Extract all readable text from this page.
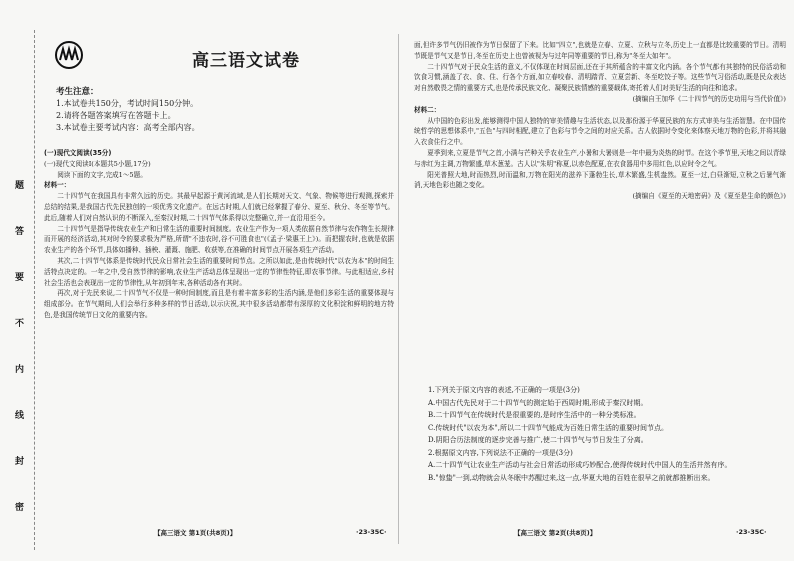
题
答
要
不
内
线
封
密
高三语文试卷
考生注意：
1.本试卷共150分，考试时间150分钟。
2.请将各题答案填写在答题卡上。
3.本试卷主要考试内容：高考全部内容。

(一)现代文阅读(35分)

(一)现代文阅读Ⅰ(本题共5小题,17分)

阅读下面的文字,完成1～5题。

材料一：

二十四节气在我国具有非常久远的历史。其最早起源于黄河流域,是人们长期对天文、气象、物候等进行观测,探索并总结的结果,是我国古代先民独创的一项优秀文化遗产。在远古时期,人们就已经掌握了春分、夏至、秋分、冬至等节气。此后,随着人们对自然认识的不断深入,至秦汉时期,二十四节气体系得以完整确立,并一直沿用至今。

二十四节气是指导传统农业生产和日常生活的重要时间制度。农业生产作为一项人类依据自然节律与农作物生长规律而开展的经济活动,其对时令的要求极为严格,所谓"不违农时,谷不可胜食也"(《孟子·梁惠王上》)。而把握农时,也就是依据农业生产的各个环节,具体如播种、插秧、灌溉、施肥、收获等,在准确的时间节点开展各项生产活动。

其次,二十四节气体系是传统时代民众日常社会生活的重要时间节点。之所以如此,是由传统时代"以农为本"的时间生活特点决定的。一年之中,受自然节律的影响,农业生产活动总体呈现出一定的节律性特征,即农事节律。与此相适应,乡村社会生活也会表现出一定的节律性,从年初到年末,各种活动各有其时。

再次,对于先民来说,二十四节气不仅是一种时间制度,而且是有着丰富多彩的生活内涵,是他们多彩生活的重要体现与组成部分。在节气期间,人们会举行多种多样的节日活动,以示庆祝,其中很多活动都带有深厚的文化积淀和鲜明的地方特色,是我国传统节日文化的重要内容。

【高三语文 第1页(共8页)】	·23-35C·

面,但许多节气仍旧被作为节日保留了下来。比如"四立",也就是立春、立夏、立秋与立冬,历史上一直都是比较重要的节日。清明节既是节气又是节日,冬至在历史上也曾被视为与过年同等重要的节日,称为"冬至大如年"。

二十四节气对于民众生活的意义,不仅体现在时间层面,还在于其所蕴含的丰富文化内涵。各个节气都有其独特的民俗活动和饮食习惯,涵盖了衣、食、住、行各个方面,如立春咬春、清明踏青、立夏尝新、冬至吃饺子等。这些节气习俗活动,既是民众表达对自然敬畏之情的重要方式,也是传承民族文化、凝聚民族情感的重要载体,寄托着人们对美好生活的向往和追求。

(摘编自王加华《二十四节气的历史功用与当代价值》)

材料二：

从中国的色彩出发,能够测得中国人独特的审美情趣与生活状态,以及那份源于华夏民族的东方式审美与生活智慧。在中国传统哲学的思想体系中,"五色"与四时相配,建立了色彩与节令之间的对应关系。古人依据时令变化来体察天地万物的色彩,并将其融入衣食住行之中。

夏季到来,立夏是节气之首,小满与芒种关乎农业生产,小暑和大暑则是一年中最为炎热的时节。在这个季节里,天地之间以青绿与赤红为主调,万物繁盛,草木葱茏。古人以"朱明"称夏,以赤色配夏,在衣食器用中多用红色,以应时令之气。

阳光普照大地,时而热烈,时而温和,万物在阳光的滋养下蓬勃生长,草木繁盛,生机盎然。夏至一过,白昼渐短,立秋之后暑气渐消,天地色彩也随之变化。

(摘编自《夏至的天地密码》及《夏至是生命的颜色》)

1.下列关于原文内容的表述,不正确的一项是(3分)

A.中国古代先民对于二十四节气的测定始于西周时期,形成于秦汉时期。

B.二十四节气在传统时代是很重要的,是时序生活中的一种分类标准。

C.传统时代"以农为本",所以二十四节气能成为百姓日常生活的重要时间节点。

D.阴阳合历法制度的逐步完善与推广,使二十四节气与节日发生了分离。

2.根据原文内容,下列说法不正确的一项是(3分)

A.二十四节气让农业生产活动与社会日常活动形成巧妙配合,使得传统时代中国人的生活井然有序。

B."惊蛰"一到,动物就会从冬眠中苏醒过来,这一点,华夏大地的百姓在很早之前就都推断出来。

【高三语文 第2页(共8页)】	·23-35C·
